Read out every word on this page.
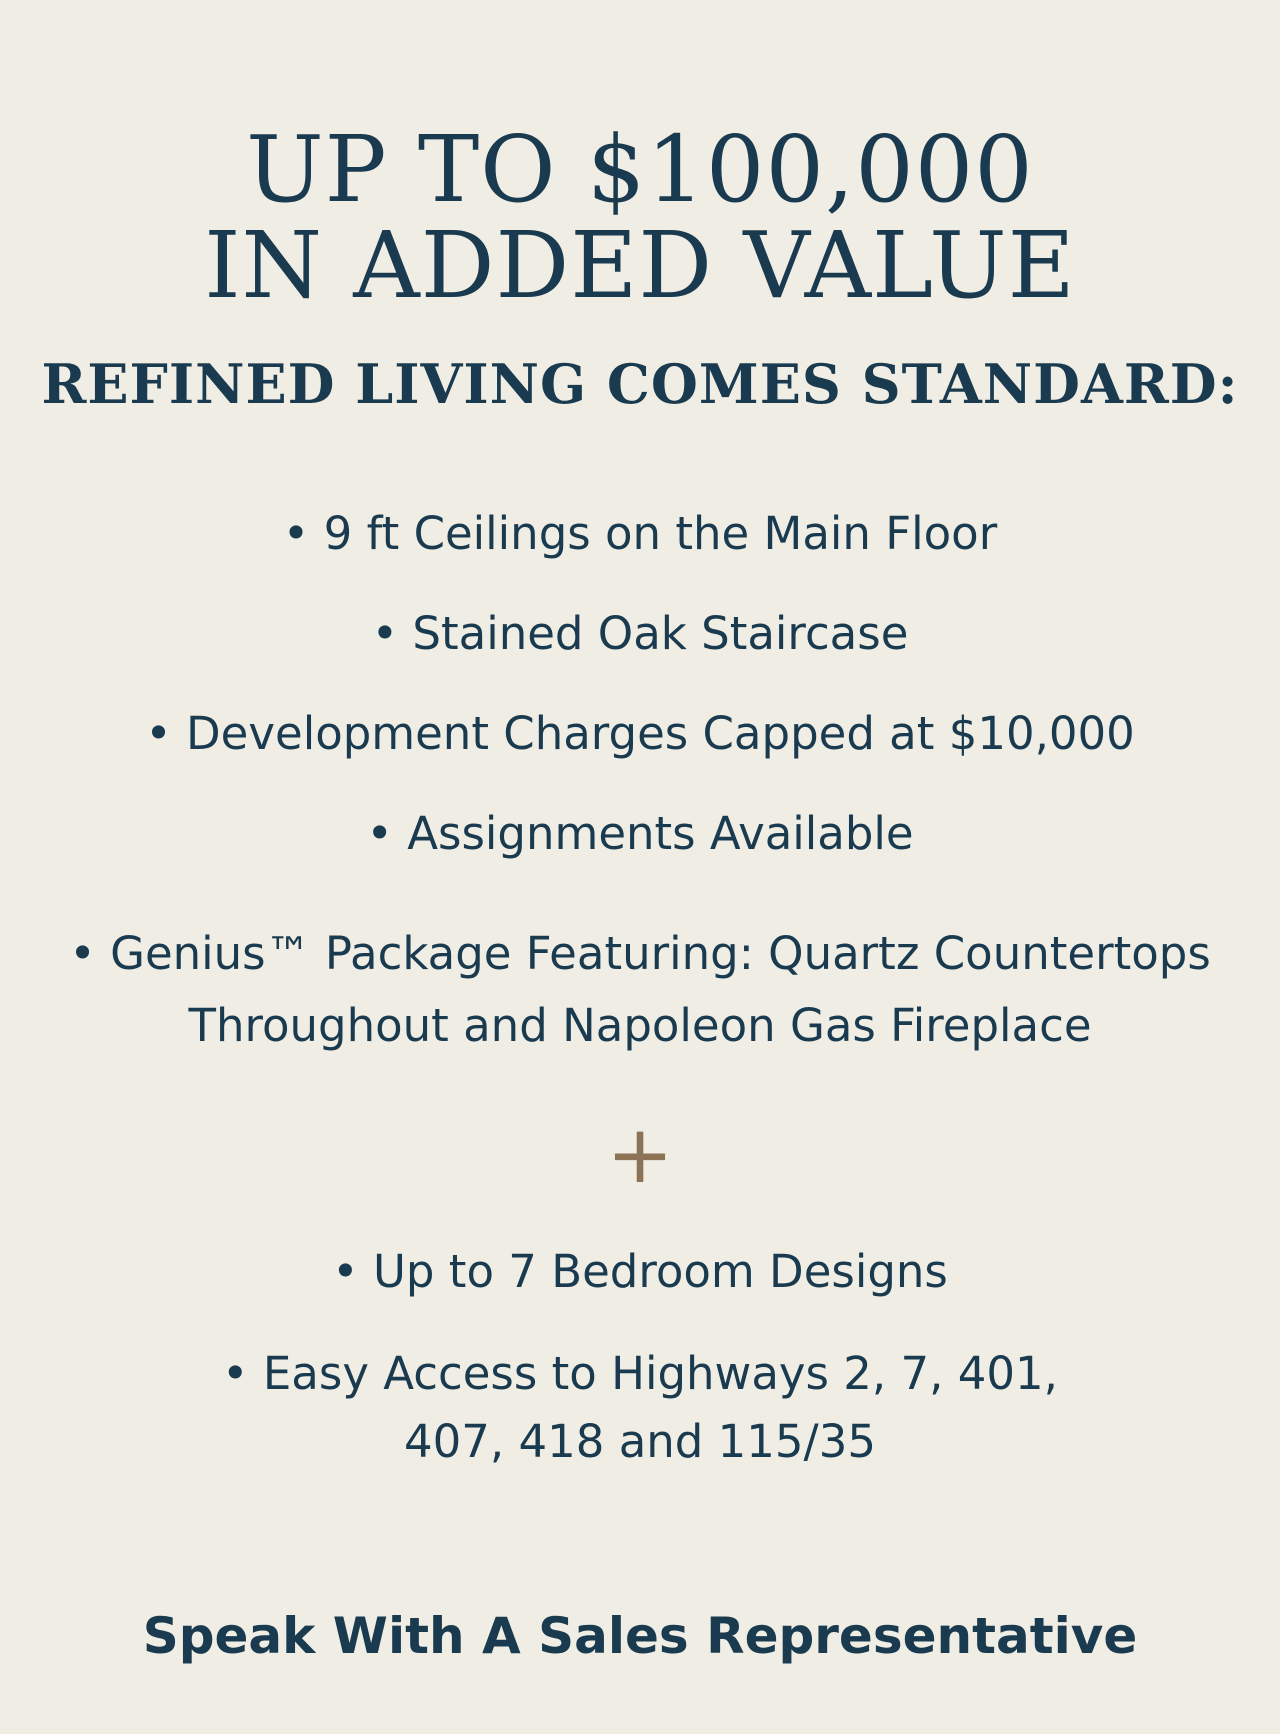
UP TO $100,000
IN ADDED VALUE
REFINED LIVING COMES STANDARD:

• 9 ft Ceilings on the Main Floor

• Stained Oak Staircase

• Development Charges Capped at $10,000

• Assignments Available

• Genius™ Package Featuring: Quartz Countertops

Throughout and Napoleon Gas Fireplace

+

• Up to 7 Bedroom Designs

• Easy Access to Highways 2, 7, 401,

407, 418 and 115/35

Speak With A Sales Representative
